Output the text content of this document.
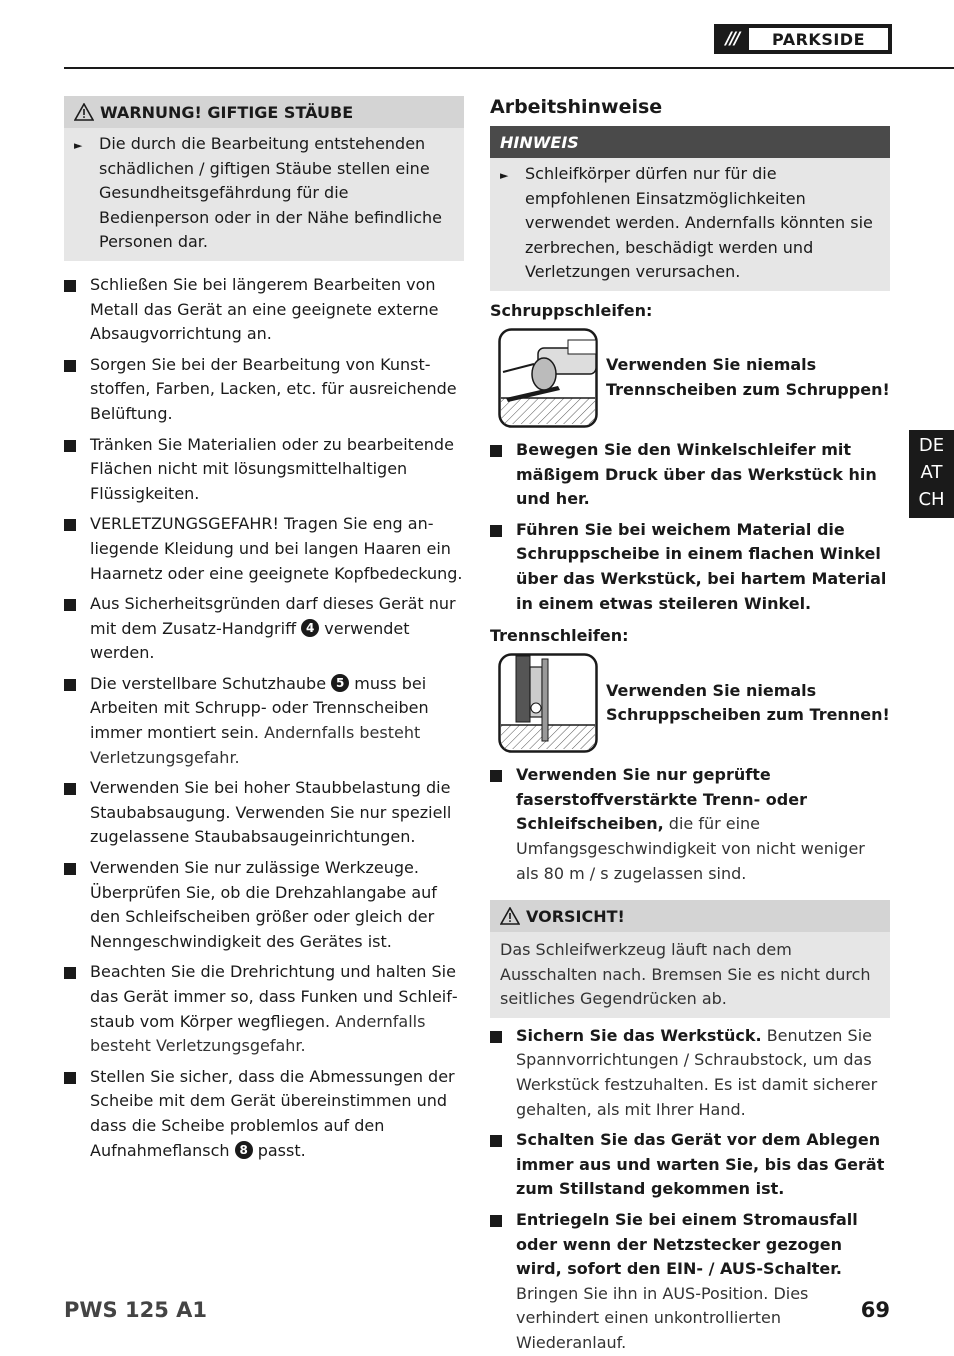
///	PARKSIDE
WARNUNG! GIFTIGE STÄUBE
►	Die durch die Bearbeitung entstehenden schädlichen / giftigen Stäube stellen eine Gesundheitsgefährdung für die Bedienperson oder in der Nähe befindliche Personen dar.
Schließen Sie bei längerem Bearbeiten von Metall das Gerät an eine geeignete externe Absaugvorrichtung an.
Sorgen Sie bei der Bearbeitung von Kunststoffen, Farben, Lacken, etc. für ausreichende Belüftung.
Tränken Sie Materialien oder zu bearbeitende Flächen nicht mit lösungsmittelhaltigen Flüssigkeiten.
VERLETZUNGSGEFAHR! Tragen Sie eng anliegende Kleidung und bei langen Haaren ein Haarnetz oder eine geeignete Kopfbedeckung.
Aus Sicherheitsgründen darf dieses Gerät nur mit dem Zusatz-Handgriff 4 verwendet werden.
Die verstellbare Schutzhaube 5 muss bei Arbeiten mit Schrupp- oder Trennscheiben immer montiert sein. Andernfalls besteht Verletzungsgefahr.
Verwenden Sie bei hoher Staubbelastung die Staubabsaugung. Verwenden Sie nur speziell zugelassene Staubabsaugeinrichtungen.
Verwenden Sie nur zulässige Werkzeuge. Überprüfen Sie, ob die Drehzahlangabe auf den Schleifscheiben größer oder gleich der Nenngeschwindigkeit des Gerätes ist.
Beachten Sie die Drehrichtung und halten Sie das Gerät immer so, dass Funken und Schleifstaub vom Körper wegfliegen. Andernfalls besteht Verletzungsgefahr.
Stellen Sie sicher, dass die Abmessungen der Scheibe mit dem Gerät übereinstimmen und dass die Scheibe problemlos auf den Aufnahmeflansch 8 passt.
Arbeitshinweise
HINWEIS
►	Schleifkörper dürfen nur für die empfohlenen Einsatzmöglichkeiten verwendet werden. Andernfalls könnten sie zerbrechen, beschädigt werden und Verletzungen verursachen.
Schruppschleifen:
Verwenden Sie niemals Trennscheiben zum Schruppen!
Bewegen Sie den Winkelschleifer mit mäßigem Druck über das Werkstück hin und her.
Führen Sie bei weichem Material die Schruppscheibe in einem flachen Winkel über das Werkstück, bei hartem Material in einem etwas steileren Winkel.
Trennschleifen:
Verwenden Sie niemals Schruppscheiben zum Trennen!
Verwenden Sie nur geprüfte faserstoffverstärkte Trenn- oder Schleifscheiben, die für eine Umfangsgeschwindigkeit von nicht weniger als 80 m / s zugelassen sind.
VORSICHT!
Das Schleifwerkzeug läuft nach dem Ausschalten nach. Bremsen Sie es nicht durch seitliches Gegendrücken ab.
Sichern Sie das Werkstück. Benutzen Sie Spannvorrichtungen / Schraubstock, um das Werkstück festzuhalten. Es ist damit sicherer gehalten, als mit Ihrer Hand.
Schalten Sie das Gerät vor dem Ablegen immer aus und warten Sie, bis das Gerät zum Stillstand gekommen ist.
Entriegeln Sie bei einem Stromausfall oder wenn der Netzstecker gezogen wird, sofort den EIN- / AUS-Schalter. Bringen Sie ihn in AUS-Position. Dies verhindert einen unkontrollierten Wiederanlauf.
DE
AT
CH
PWS 125 A1	69
